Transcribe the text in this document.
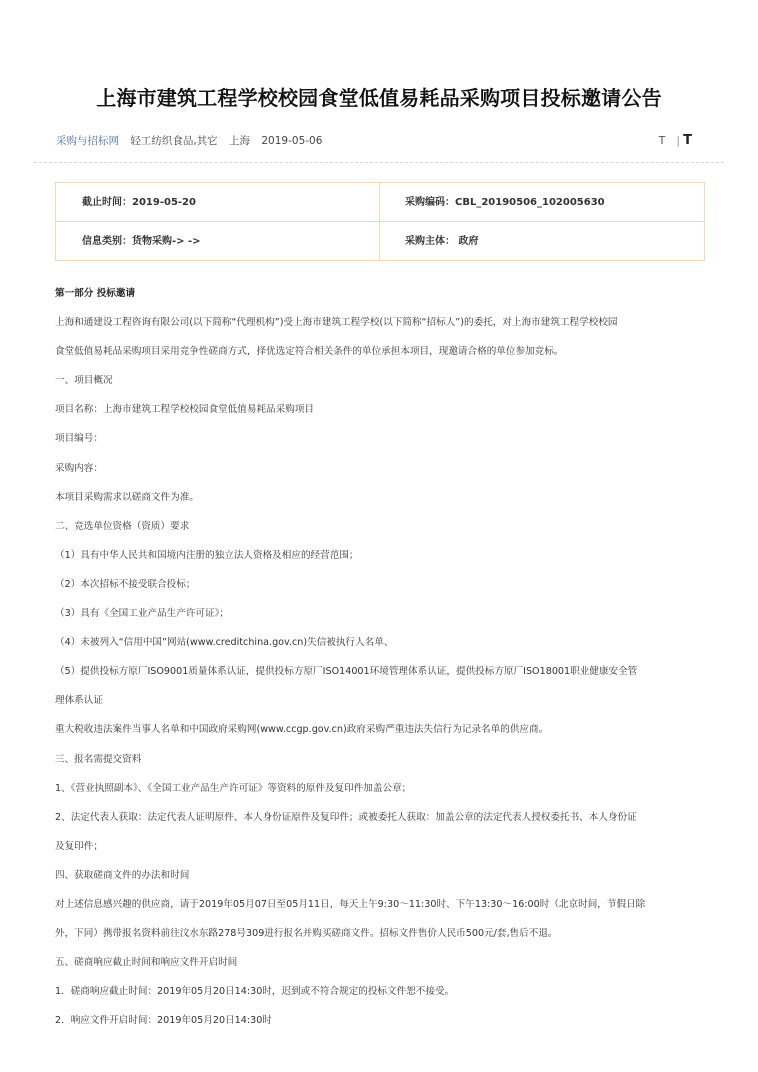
上海市建筑工程学校校园食堂低值易耗品采购项目投标邀请公告
采购与招标网 轻工纺织食品,其它 上海 2019-05-06	T | T
截止时间：2019-05-20	采购编码：CBL_20190506_102005630
信息类别：货物采购-> ->	采购主体： 政府
第一部分 投标邀请
上海和通建设工程咨询有限公司(以下简称“代理机构”)受上海市建筑工程学校(以下简称“招标人”)的委托，对上海市建筑工程学校校园
食堂低值易耗品采购项目采用竞争性磋商方式，择优选定符合相关条件的单位承担本项目，现邀请合格的单位参加竞标。
一、项目概况
项目名称：上海市建筑工程学校校园食堂低值易耗品采购项目
项目编号：
采购内容：
本项目采购需求以磋商文件为准。
二、竞选单位资格（资质）要求
（1）具有中华人民共和国境内注册的独立法人资格及相应的经营范围；
（2）本次招标不接受联合投标；
（3）具有《全国工业产品生产许可证》；
（4）未被列入“信用中国”网站(www.creditchina.gov.cn)失信被执行人名单、
（5）提供投标方原厂ISO9001质量体系认证，提供投标方原厂ISO14001环境管理体系认证，提供投标方原厂ISO18001职业健康安全管
理体系认证
重大税收违法案件当事人名单和中国政府采购网(www.ccgp.gov.cn)政府采购严重违法失信行为记录名单的供应商。
三、报名需提交资料
1、《营业执照副本》、《全国工业产品生产许可证》等资料的原件及复印件加盖公章；
2、法定代表人获取：法定代表人证明原件、本人身份证原件及复印件；或被委托人获取：加盖公章的法定代表人授权委托书、本人身份证
及复印件；
四、获取磋商文件的办法和时间
对上述信息感兴趣的供应商，请于2019年05月07日至05月11日，每天上午9:30～11:30时、下午13:30～16:00时（北京时间，节假日除
外，下同）携带报名资料前往汶水东路278号309进行报名并购买磋商文件。招标文件售价人民币500元/套,售后不退。
五、磋商响应截止时间和响应文件开启时间
1．磋商响应截止时间：2019年05月20日14:30时，迟到或不符合规定的投标文件恕不接受。
2．响应文件开启时间：2019年05月20日14:30时
